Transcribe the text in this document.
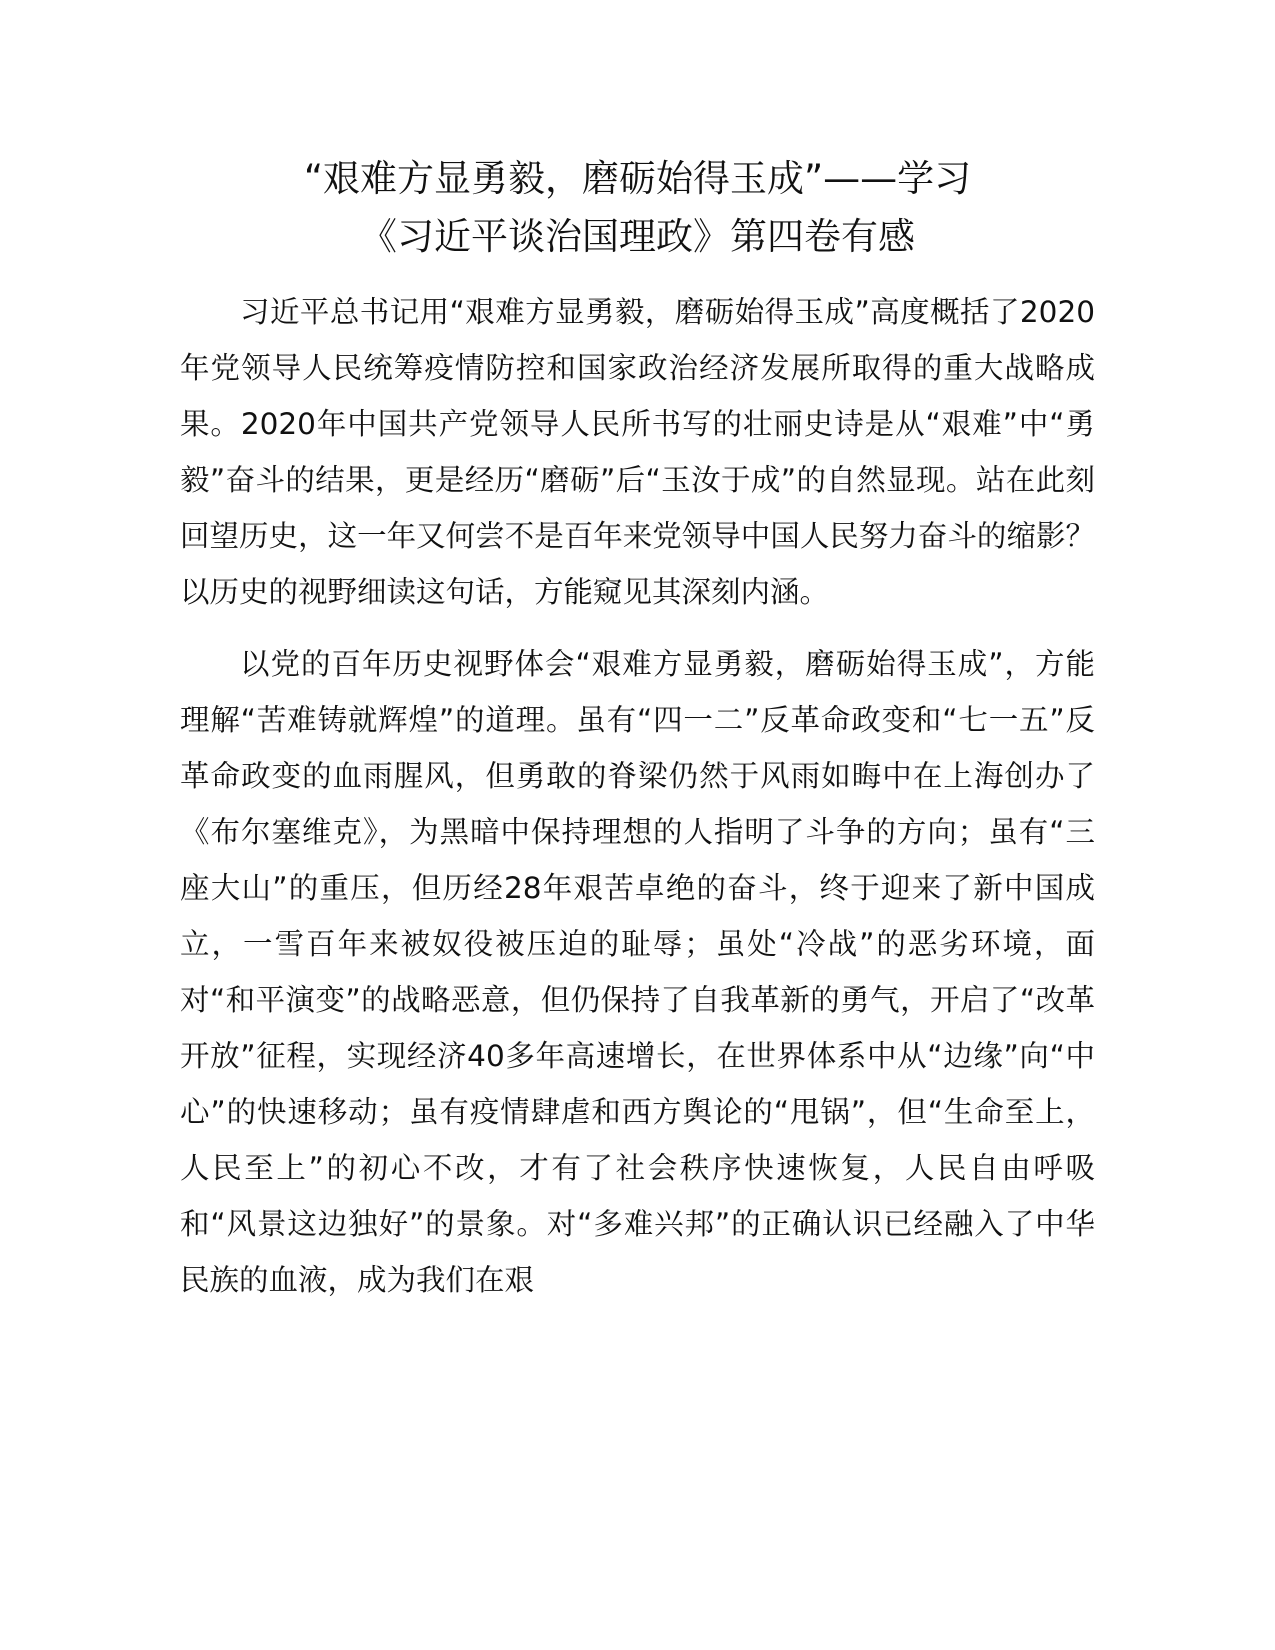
“艰难方显勇毅，磨砺始得玉成”——学习
《习近平谈治国理政》第四卷有感

习近平总书记用“艰难方显勇毅，磨砺始得玉成”高度概括了2020年党领导人民统筹疫情防控和国家政治经济发展所取得的重大战略成果。2020年中国共产党领导人民所书写的壮丽史诗是从“艰难”中“勇毅”奋斗的结果，更是经历“磨砺”后“玉汝于成”的自然显现。站在此刻回望历史，这一年又何尝不是百年来党领导中国人民努力奋斗的缩影？以历史的视野细读这句话，方能窥见其深刻内涵。

以党的百年历史视野体会“艰难方显勇毅，磨砺始得玉成”，方能理解“苦难铸就辉煌”的道理。虽有“四一二”反革命政变和“七一五”反革命政变的血雨腥风，但勇敢的脊梁仍然于风雨如晦中在上海创办了《布尔塞维克》，为黑暗中保持理想的人指明了斗争的方向；虽有“三座大山”的重压，但历经28年艰苦卓绝的奋斗，终于迎来了新中国成立，一雪百年来被奴役被压迫的耻辱；虽处“冷战”的恶劣环境，面对“和平演变”的战略恶意，但仍保持了自我革新的勇气，开启了“改革开放”征程，实现经济40多年高速增长，在世界体系中从“边缘”向“中心”的快速移动；虽有疫情肆虐和西方舆论的“甩锅”，但“生命至上，人民至上”的初心不改，才有了社会秩序快速恢复，人民自由呼吸和“风景这边独好”的景象。对“多难兴邦”的正确认识已经融入了中华民族的血液，成为我们在艰
